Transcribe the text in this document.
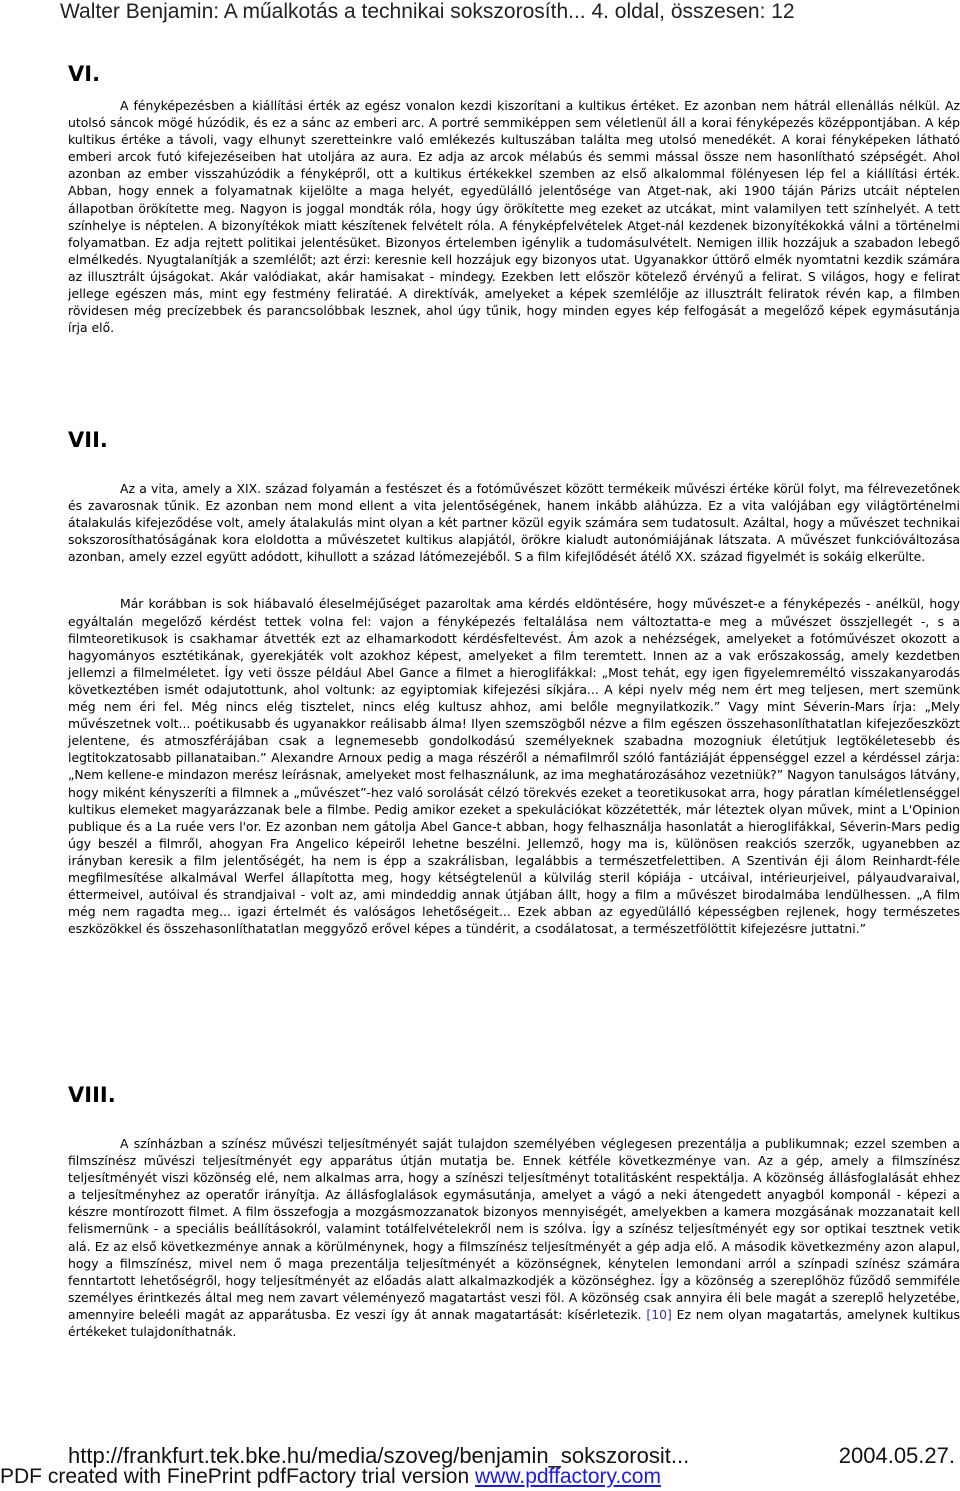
Walter Benjamin: A műalkotás a technikai sokszorosíth... 4. oldal, összesen: 12
VI.

A fényképezésben a kiállítási érték az egész vonalon kezdi kiszorítani a kultikus értéket. Ez azonban nem hátrál ellenállás nélkül. Az utolsó sáncok mögé húzódik, és ez a sánc az emberi arc. A portré semmiképpen sem véletlenül áll a korai fényképezés középpontjában. A kép kultikus értéke a távoli, vagy elhunyt szeretteinkre való emlékezés kultuszában találta meg utolsó menedékét. A korai fényképeken látható emberi arcok futó kifejezéseiben hat utoljára az aura. Ez adja az arcok mélabús és semmi mással össze nem hasonlítható szépségét. Ahol azonban az ember visszahúzódik a fényképről, ott a kultikus értékekkel szemben az első alkalommal fölényesen lép fel a kiállítási érték. Abban, hogy ennek a folyamatnak kijelölte a maga helyét, egyedülálló jelentősége van Atget-nak, aki 1900 táján Párizs utcáit néptelen állapotban örökítette meg. Nagyon is joggal mondták róla, hogy úgy örökítette meg ezeket az utcákat, mint valamilyen tett színhelyét. A tett színhelye is néptelen. A bizonyítékok miatt készítenek felvételt róla. A fényképfelvételek Atget-nál kezdenek bizonyítékokká válni a történelmi folyamatban. Ez adja rejtett politikai jelentésüket. Bizonyos értelemben igénylik a tudomásulvételt. Nemigen illik hozzájuk a szabadon lebegő elmélkedés. Nyugtalanítják a szemlélőt; azt érzi: keresnie kell hozzájuk egy bizonyos utat. Ugyanakkor úttörő elmék nyomtatni kezdik számára az illusztrált újságokat. Akár valódiakat, akár hamisakat - mindegy. Ezekben lett először kötelező érvényű a felirat. S világos, hogy e felirat jellege egészen más, mint egy festmény feliratáé. A direktívák, amelyeket a képek szemlélője az illusztrált feliratok révén kap, a filmben rövidesen még precízebbek és parancsolóbbak lesznek, ahol úgy tűnik, hogy minden egyes kép felfogását a megelőző képek egymásutánja írja elő.

VII.

Az a vita, amely a XIX. század folyamán a festészet és a fotóművészet között termékeik művészi értéke körül folyt, ma félrevezetőnek és zavarosnak tűnik. Ez azonban nem mond ellent a vita jelentőségének, hanem inkább aláhúzza. Ez a vita valójában egy világtörténelmi átalakulás kifejeződése volt, amely átalakulás mint olyan a két partner közül egyik számára sem tudatosult. Azáltal, hogy a művészet technikai sokszorosíthatóságának kora eloldotta a művészetet kultikus alapjától, örökre kialudt autonómiájának látszata. A művészet funkcióváltozása azonban, amely ezzel együtt adódott, kihullott a század látómezejéből. S a film kifejlődését átélő XX. század figyelmét is sokáig elkerülte.

Már korábban is sok hiábavaló éleselméjűséget pazaroltak ama kérdés eldöntésére, hogy művészet-e a fényképezés - anélkül, hogy egyáltalán megelőző kérdést tettek volna fel: vajon a fényképezés feltalálása nem változtatta-e meg a művészet összjellegét -, s a filmteoretikusok is csakhamar átvették ezt az elhamarkodott kérdésfeltevést. Ám azok a nehézségek, amelyeket a fotóművészet okozott a hagyományos esztétikának, gyerekjáték volt azokhoz képest, amelyeket a film teremtett. Innen az a vak erőszakosság, amely kezdetben jellemzi a filmelméletet. Így veti össze például Abel Gance a filmet a hieroglifákkal: „Most tehát, egy igen figyelemreméltó visszakanyarodás következtében ismét odajutottunk, ahol voltunk: az egyiptomiak kifejezési síkjára... A képi nyelv még nem ért meg teljesen, mert szemünk még nem éri fel. Még nincs elég tisztelet, nincs elég kultusz ahhoz, ami belőle megnyilatkozik.” Vagy mint Séverin-Mars írja: „Mely művészetnek volt... poétikusabb és ugyanakkor reálisabb álma! Ilyen szemszögből nézve a film egészen összehasonlíthatatlan kifejezőeszközt jelentene, és atmoszférájában csak a legnemesebb gondolkodású személyeknek szabadna mozogniuk életútjuk legtökéletesebb és legtitokzatosabb pillanataiban.” Alexandre Arnoux pedig a maga részéről a némafilmről szóló fantáziáját éppenséggel ezzel a kérdéssel zárja: „Nem kellene-e mindazon merész leírásnak, amelyeket most felhasználunk, az ima meghatározásához vezetniük?” Nagyon tanulságos látvány, hogy miként kényszeríti a filmnek a „művészet”-hez való sorolását célzó törekvés ezeket a teoretikusokat arra, hogy páratlan kíméletlenséggel kultikus elemeket magyarázzanak bele a filmbe. Pedig amikor ezeket a spekulációkat közzétették, már léteztek olyan művek, mint a L'Opinion publique és a La ruée vers l'or. Ez azonban nem gátolja Abel Gance-t abban, hogy felhasználja hasonlatát a hieroglifákkal, Séverin-Mars pedig úgy beszél a filmről, ahogyan Fra Angelico képeiről lehetne beszélni. Jellemző, hogy ma is, különösen reakciós szerzők, ugyanebben az irányban keresik a film jelentőségét, ha nem is épp a szakrálisban, legalábbis a természetfelettiben. A Szentiván éji álom Reinhardt-féle megfilmesítése alkalmával Werfel állapította meg, hogy kétségtelenül a külvilág steril kópiája - utcáival, intérieurjeivel, pályaudvaraival, éttermeivel, autóival és strandjaival - volt az, ami mindeddig annak útjában állt, hogy a film a művészet birodalmába lendülhessen. „A film még nem ragadta meg... igazi értelmét és valóságos lehetőségeit... Ezek abban az egyedülálló képességben rejlenek, hogy természetes eszközökkel és összehasonlíthatatlan meggyőző erővel képes a tündérit, a csodálatosat, a természetfölöttit kifejezésre juttatni.”

VIII.

A színházban a színész művészi teljesítményét saját tulajdon személyében véglegesen prezentálja a publikumnak; ezzel szemben a filmszínész művészi teljesítményét egy apparátus útján mutatja be. Ennek kétféle következménye van. Az a gép, amely a filmszínész teljesítményét viszi közönség elé, nem alkalmas arra, hogy a színészi teljesítményt totalitásként respektálja. A közönség állásfoglalását ehhez a teljesítményhez az operatőr irányítja. Az állásfoglalások egymásutánja, amelyet a vágó a neki átengedett anyagból komponál - képezi a készre montírozott filmet. A film összefogja a mozgásmozzanatok bizonyos mennyiségét, amelyekben a kamera mozgásának mozzanatait kell felismernünk - a speciális beállításokról, valamint totálfelvételekről nem is szólva. Így a színész teljesítményét egy sor optikai tesztnek vetik alá. Ez az első következménye annak a körülménynek, hogy a filmszínész teljesítményét a gép adja elő. A második következmény azon alapul, hogy a filmszínész, mivel nem ő maga prezentálja teljesítményét a közönségnek, kénytelen lemondani arról a színpadi színész számára fenntartott lehetőségről, hogy teljesítményét az előadás alatt alkalmazkodjék a közönséghez. Így a közönség a szereplőhöz fűződő semmiféle személyes érintkezés által meg nem zavart véleményező magatartást veszi föl. A közönség csak annyira éli bele magát a szereplő helyzetébe, amennyire beleéli magát az apparátusba. Ez veszi így át annak magatartását: kísérletezik. [10] Ez nem olyan magatartás, amelynek kultikus értékeket tulajdoníthatnák.

http://frankfurt.tek.bke.hu/media/szoveg/benjamin_sokszorosit...	2004.05.27.
PDF created with FinePrint pdfFactory trial version www.pdffactory.com
